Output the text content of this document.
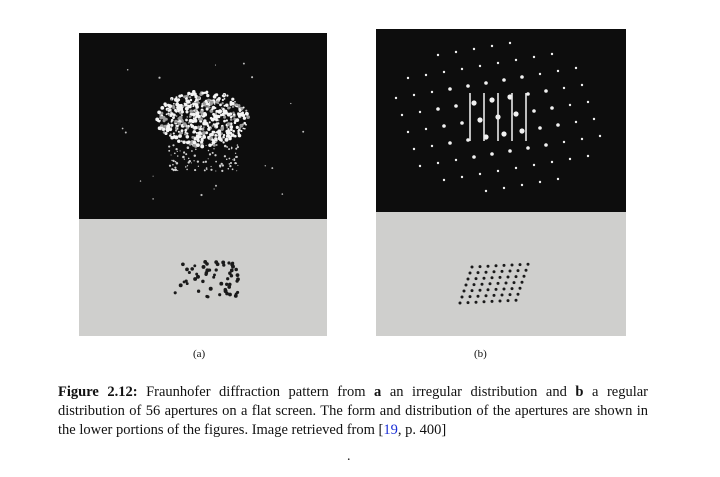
(a)	(b)
Figure 2.12: Fraunhofer diffraction pattern from a an irregular distribution and b a regular distribution of 56 apertures on a flat screen. The form and distribution of the apertures are shown in the lower portions of the figures. Image retrieved from [19, p. 400]
.
